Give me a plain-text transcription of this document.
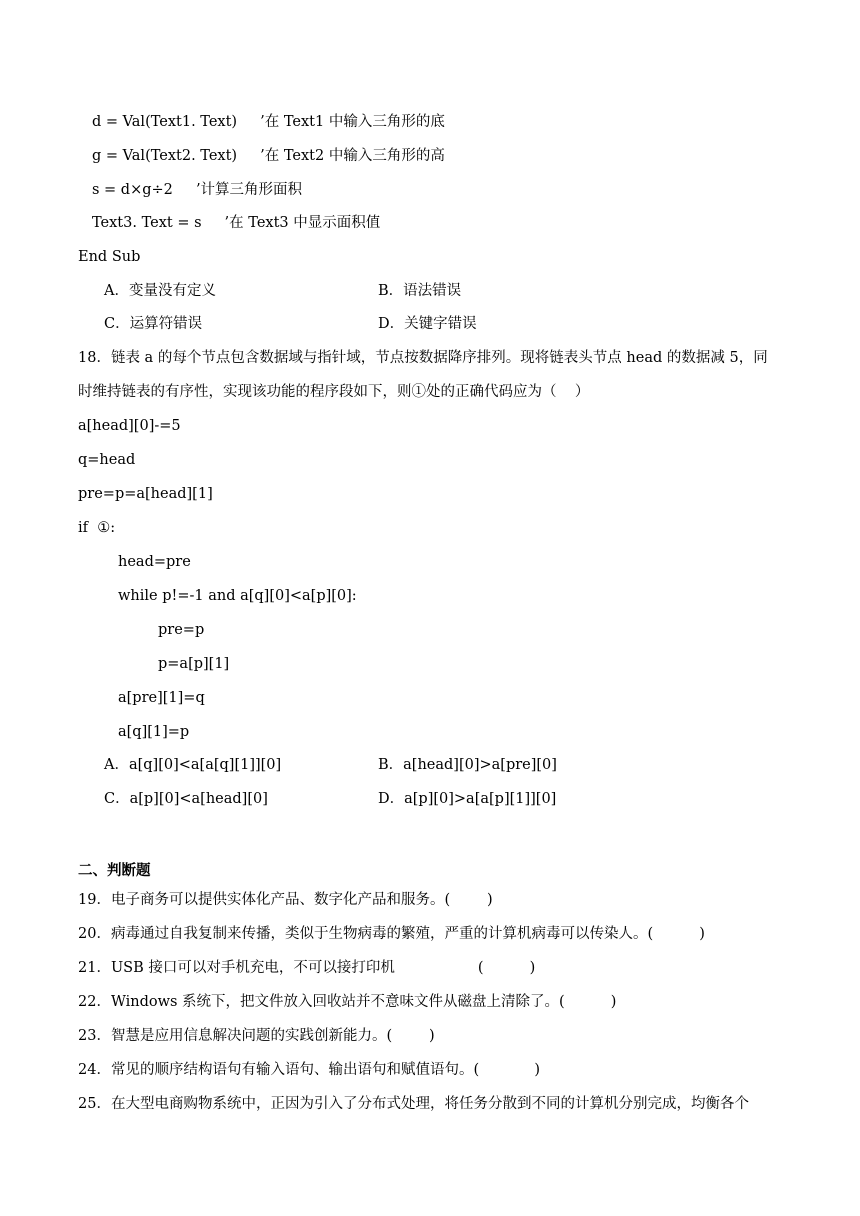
d = Val(Text1. Text)     ’在 Text1 中输入三角形的底
g = Val(Text2. Text)     ’在 Text2 中输入三角形的高
s = d×g÷2     ’计算三角形面积
Text3. Text = s     ’在 Text3 中显示面积值
End Sub
A．变量没有定义	B．语法错误
C．运算符错误	D．关键字错误
18．链表 a 的每个节点包含数据域与指针域，节点按数据降序排列。现将链表头节点 head 的数据减 5，同
时维持链表的有序性，实现该功能的程序段如下，则①处的正确代码应为（    ）
a[head][0]-=5
q=head
pre=p=a[head][1]
if  ①:
head=pre
while p!=-1 and a[q][0]<a[p][0]:
pre=p
p=a[p][1]
a[pre][1]=q
a[q][1]=p
A．a[q][0]<a[a[q][1]][0]	B．a[head][0]>a[pre][0]
C．a[p][0]<a[head][0]	D．a[p][0]>a[a[p][1]][0]
二、判断题
19．电子商务可以提供实体化产品、数字化产品和服务。(        )
20．病毒通过自我复制来传播，类似于生物病毒的繁殖，严重的计算机病毒可以传染人。(          )
21．USB 接口可以对手机充电，不可以接打印机                  (          )
22．Windows 系统下，把文件放入回收站并不意味文件从磁盘上清除了。(          )
23．智慧是应用信息解决问题的实践创新能力。(        )
24．常见的顺序结构语句有输入语句、输出语句和赋值语句。(            )
25．在大型电商购物系统中，正因为引入了分布式处理，将任务分散到不同的计算机分别完成，均衡各个
